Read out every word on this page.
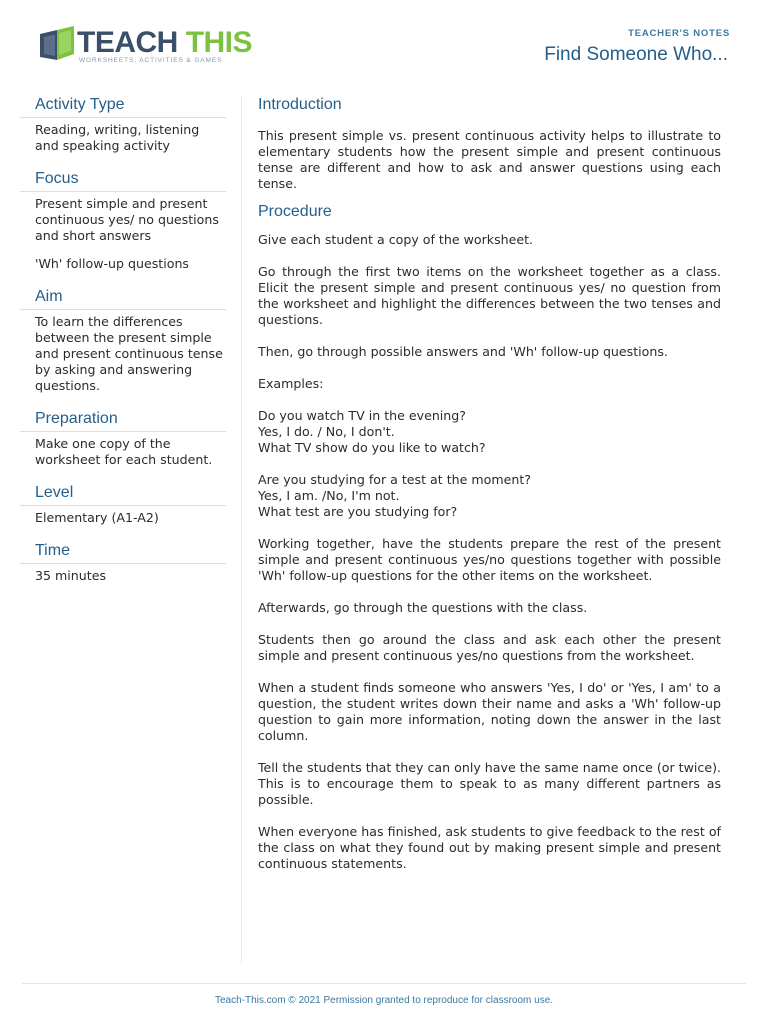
TEACH THIS
WORKSHEETS, ACTIVITIES & GAMES
TEACHER'S NOTES
Find Someone Who...
Activity Type

Reading, writing, listening and speaking activity

Focus

Present simple and present continuous yes/ no questions and short answers

'Wh' follow-up questions

Aim

To learn the differences between the present simple and present continuous tense by asking and answering questions.

Preparation

Make one copy of the worksheet for each student.

Level

Elementary (A1-A2)

Time

35 minutes

Introduction

This present simple vs. present continuous activity helps to illustrate to elementary students how the present simple and present continuous tense are different and how to ask and answer questions using each tense.

Procedure

Give each student a copy of the worksheet.

Go through the first two items on the worksheet together as a class. Elicit the present simple and present continuous yes/ no question from the worksheet and highlight the differences between the two tenses and questions.

Then, go through possible answers and 'Wh' follow-up questions.

Examples:

Do you watch TV in the evening?

Yes, I do. / No, I don't.

What TV show do you like to watch?

Are you studying for a test at the moment?

Yes, I am. /No, I'm not.

What test are you studying for?

Working together, have the students prepare the rest of the present simple and present continuous yes/no questions together with possible 'Wh' follow-up questions for the other items on the worksheet.

Afterwards, go through the questions with the class.

Students then go around the class and ask each other the present simple and present continuous yes/no questions from the worksheet.

When a student finds someone who answers 'Yes, I do' or 'Yes, I am' to a question, the student writes down their name and asks a 'Wh' follow-up question to gain more information, noting down the answer in the last column.

Tell the students that they can only have the same name once (or twice). This is to encourage them to speak to as many different partners as possible.

When everyone has finished, ask students to give feedback to the rest of the class on what they found out by making present simple and present continuous statements.

Teach-This.com © 2021 Permission granted to reproduce for classroom use.
